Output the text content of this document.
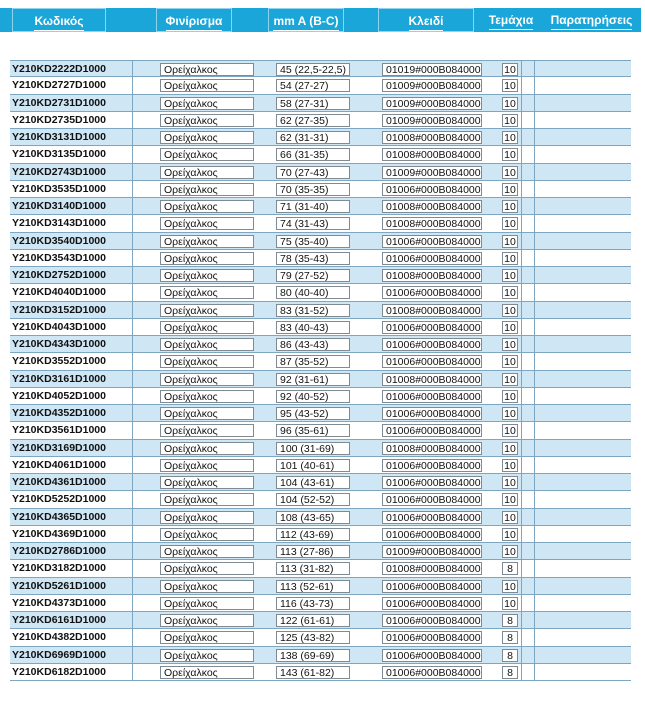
Κωδικός	Φινίρισμα	mm A (B-C)	Κλειδί	Τεμάχια	Παρατηρήσεις
Y210KD2222D1000	Ορείχαλκος	45 (22,5-22,5)	01019#000B084000 10
Y210KD2727D1000	Ορείχαλκος	54 (27-27)	01009#000B084000 10
Y210KD2731D1000	Ορείχαλκος	58 (27-31)	01009#000B084000 10
Y210KD2735D1000	Ορείχαλκος	62 (27-35)	01009#000B084000 10
Y210KD3131D1000	Ορείχαλκος	62 (31-31)	01008#000B084000 10
Y210KD3135D1000	Ορείχαλκος	66 (31-35)	01008#000B084000 10
Y210KD2743D1000	Ορείχαλκος	70 (27-43)	01009#000B084000 10
Y210KD3535D1000	Ορείχαλκος	70 (35-35)	01006#000B084000 10
Y210KD3140D1000	Ορείχαλκος	71 (31-40)	01008#000B084000 10
Y210KD3143D1000	Ορείχαλκος	74 (31-43)	01008#000B084000 10
Y210KD3540D1000	Ορείχαλκος	75 (35-40)	01006#000B084000 10
Y210KD3543D1000	Ορείχαλκος	78 (35-43)	01006#000B084000 10
Y210KD2752D1000	Ορείχαλκος	79 (27-52)	01008#000B084000 10
Y210KD4040D1000	Ορείχαλκος	80 (40-40)	01006#000B084000 10
Y210KD3152D1000	Ορείχαλκος	83 (31-52)	01008#000B084000 10
Y210KD4043D1000	Ορείχαλκος	83 (40-43)	01006#000B084000 10
Y210KD4343D1000	Ορείχαλκος	86 (43-43)	01006#000B084000 10
Y210KD3552D1000	Ορείχαλκος	87 (35-52)	01006#000B084000 10
Y210KD3161D1000	Ορείχαλκος	92 (31-61)	01008#000B084000 10
Y210KD4052D1000	Ορείχαλκος	92 (40-52)	01006#000B084000 10
Y210KD4352D1000	Ορείχαλκος	95 (43-52)	01006#000B084000 10
Y210KD3561D1000	Ορείχαλκος	96 (35-61)	01006#000B084000 10
Y210KD3169D1000	Ορείχαλκος	100 (31-69)	01008#000B084000 10
Y210KD4061D1000	Ορείχαλκος	101 (40-61)	01006#000B084000 10
Y210KD4361D1000	Ορείχαλκος	104 (43-61)	01006#000B084000 10
Y210KD5252D1000	Ορείχαλκος	104 (52-52)	01006#000B084000 10
Y210KD4365D1000	Ορείχαλκος	108 (43-65)	01006#000B084000 10
Y210KD4369D1000	Ορείχαλκος	112 (43-69)	01006#000B084000 10
Y210KD2786D1000	Ορείχαλκος	113 (27-86)	01009#000B084000 10
Y210KD3182D1000	Ορείχαλκος	113 (31-82)	01008#000B084000	8
Y210KD5261D1000	Ορείχαλκος	113 (52-61)	01006#000B084000 10
Y210KD4373D1000	Ορείχαλκος	116 (43-73)	01006#000B084000 10
Y210KD6161D1000	Ορείχαλκος	122 (61-61)	01006#000B084000	8
Y210KD4382D1000	Ορείχαλκος	125 (43-82)	01006#000B084000	8
Y210KD6969D1000	Ορείχαλκος	138 (69-69)	01006#000B084000	8
Y210KD6182D1000	Ορείχαλκος	143 (61-82)	01006#000B084000	8
